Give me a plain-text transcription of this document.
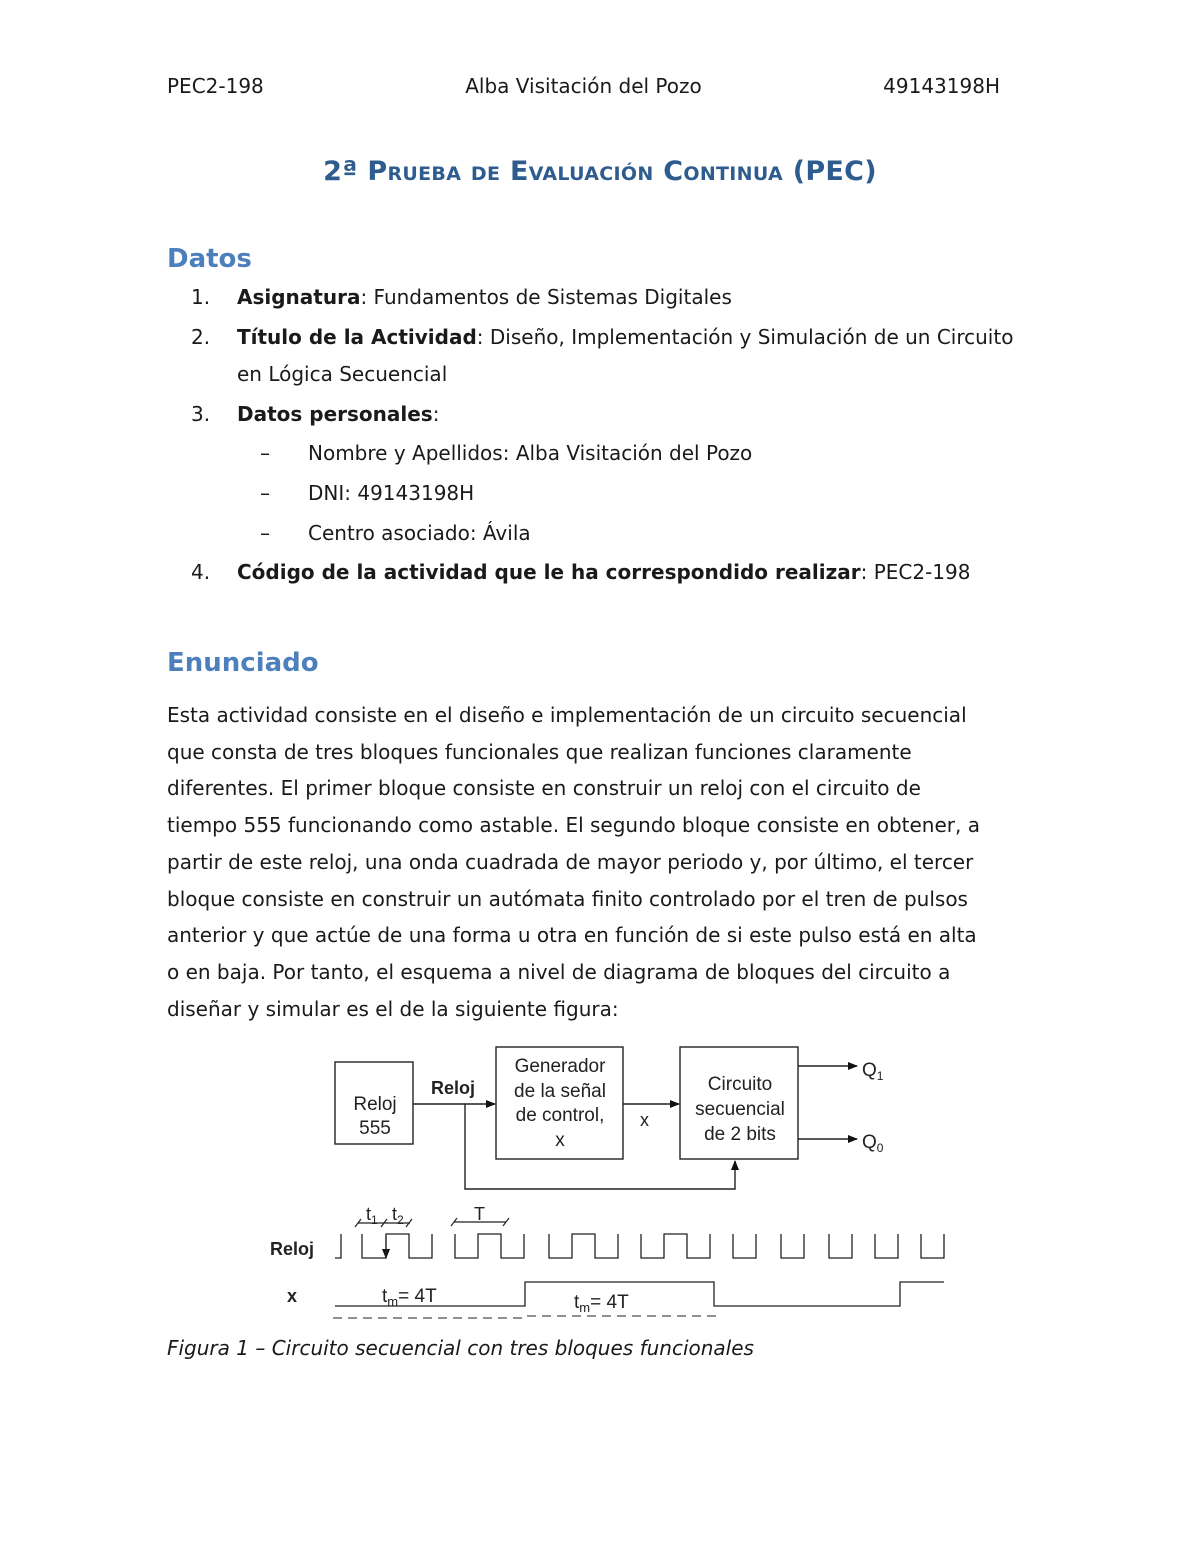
PEC2-198	Alba Visitación del Pozo	49143198H
2ª Prueba de Evaluación Continua (PEC)
Datos
1. Asignatura: Fundamentos de Sistemas Digitales
2. Título de la Actividad: Diseño, Implementación y Simulación de un Circuito
en Lógica Secuencial
3. Datos personales:
– Nombre y Apellidos: Alba Visitación del Pozo
– DNI: 49143198H
– Centro asociado: Ávila
4. Código de la actividad que le ha correspondido realizar: PEC2-198
Enunciado
Esta actividad consiste en el diseño e implementación de un circuito secuencial
que consta de tres bloques funcionales que realizan funciones claramente
diferentes. El primer bloque consiste en construir un reloj con el circuito de
tiempo 555 funcionando como astable. El segundo bloque consiste en obtener, a
partir de este reloj, una onda cuadrada de mayor periodo y, por último, el tercer
bloque consiste en construir un autómata finito controlado por el tren de pulsos
anterior y que actúe de una forma u otra en función de si este pulso está en alta
o en baja. Por tanto, el esquema a nivel de diagrama de bloques del circuito a
diseñar y simular es el de la siguiente figura:
Reloj
555
Generador
de la señal
de control,
x
Circuito
secuencial
de 2 bits
Reloj
x
$Q_1$
$Q_0$
Reloj
x
$t_1$ $t_2$	T
$t_m= 4T$	$t_m= 4T$
Figura 1 – Circuito secuencial con tres bloques funcionales
